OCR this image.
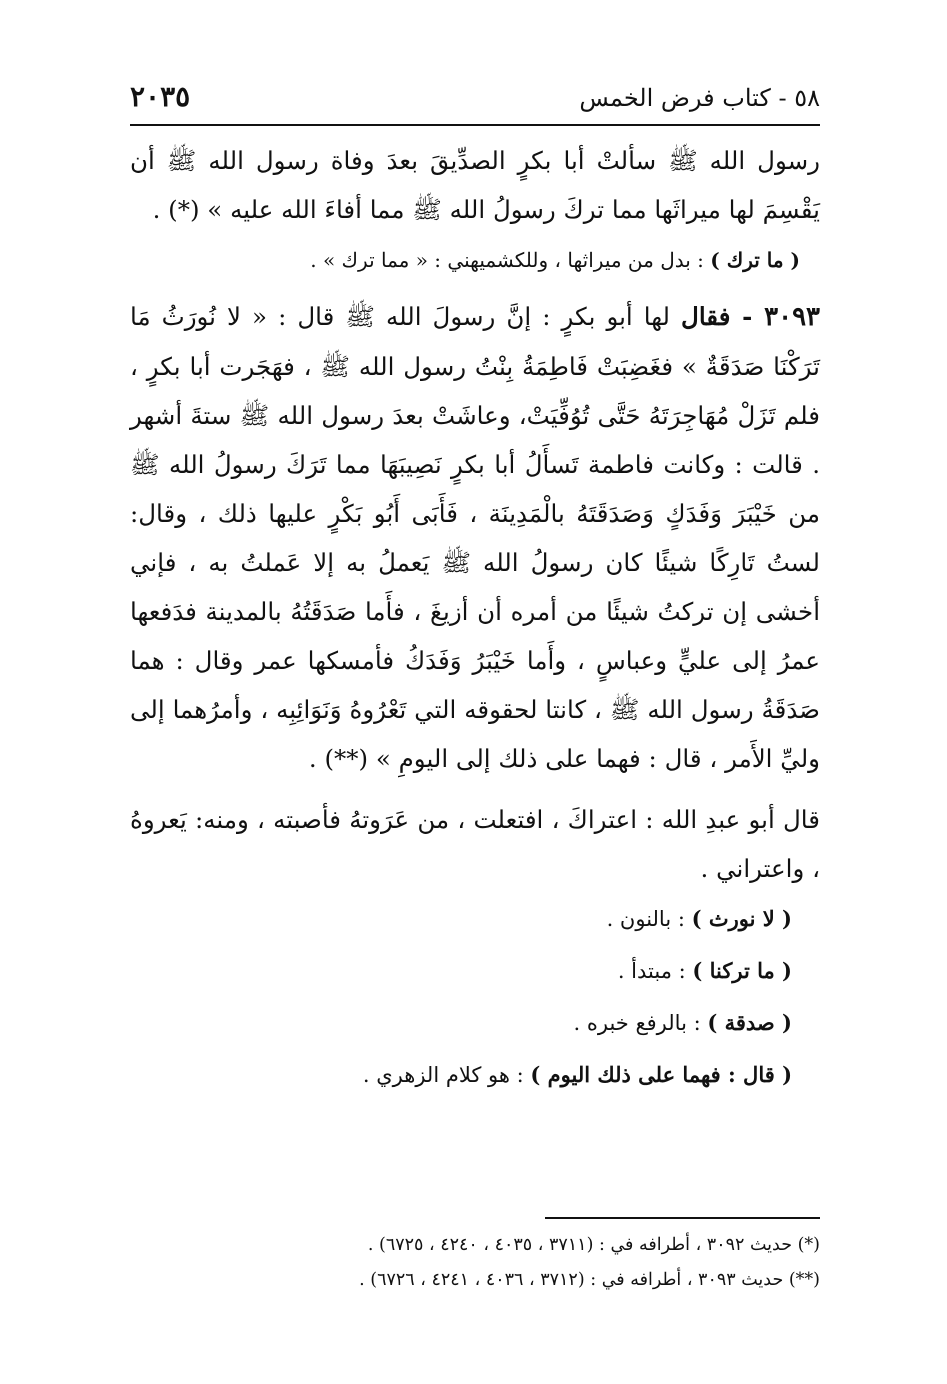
٥٨ - كتاب فرض الخمس
٢٠٣٥

رسول الله ﷺ سألتْ أبا بكرٍ الصدِّيقَ بعدَ وفاة رسول الله ﷺ أن يَقْسِمَ لها ميراثَها مما تركَ رسولُ الله ﷺ مما أفاءَ الله عليه » (*) .

( ما ترك ) : بدل من ميراثها ، وللكشميهني : « مما ترك » .

٣٠٩٣ - فقال لها أبو بكرٍ : إنَّ رسولَ الله ﷺ قال : « لا نُورَثُ مَا تَرَكْنَا صَدَقَةٌ » فغَضِبَتْ فَاطِمَةُ بِنْتُ رسول الله ﷺ ، فهَجَرت أبا بكرٍ ، فلم تَزَلْ مُهَاجِرَتَهُ حَتَّى تُوُفِّيَتْ، وعاشَتْ بعدَ رسول الله ﷺ ستةَ أشهر . قالت : وكانت فاطمة تَسأَلُ أبا بكرٍ نَصِيبَهَا مما تَرَكَ رسولُ الله ﷺ من خَيْبَرَ وَفَدَكٍ وَصَدَقَتَهُ بالْمَدِينَة ، فَأَبَى أَبُو بَكْرٍ عليها ذلك ، وقال: لستُ تَارِكًا شيئًا كان رسولُ الله ﷺ يَعملُ به إلا عَملتُ به ، فإني أخشى إن تركتُ شيئًا من أمره أن أزيغَ ، فأَما صَدَقَتُهُ بالمدينة فدَفعها عمرُ إلى عليٍّ وعباسٍ ، وأَما خَيْبَرُ وَفَدَكُ فأمسكها عمر وقال : هما صَدَقَةُ رسول الله ﷺ ، كانتا لحقوقه التي تَعْرُوهُ وَنَوَائِبِه ، وأمرُهما إلى وليِّ الأَمر ، قال : فهما على ذلك إلى اليومِ » (**) .

قال أبو عبدِ الله : اعتراكَ ، افتعلت ، من عَرَوتهُ فأصبته ، ومنه: يَعروهُ ، واعتراني .

( لا نورث ) : بالنون .

( ما تركنا ) : مبتدأ .

( صدقة ) : بالرفع خبره .

( قال : فهما على ذلك اليوم ) : هو كلام الزهري .

(*) حديث ٣٠٩٢ ، أطرافه في : (٣٧١١ ، ٤٠٣٥ ، ٤٢٤٠ ، ٦٧٢٥) .

(**) حديث ٣٠٩٣ ، أطرافه في : (٣٧١٢ ، ٤٠٣٦ ، ٤٢٤١ ، ٦٧٢٦) .
